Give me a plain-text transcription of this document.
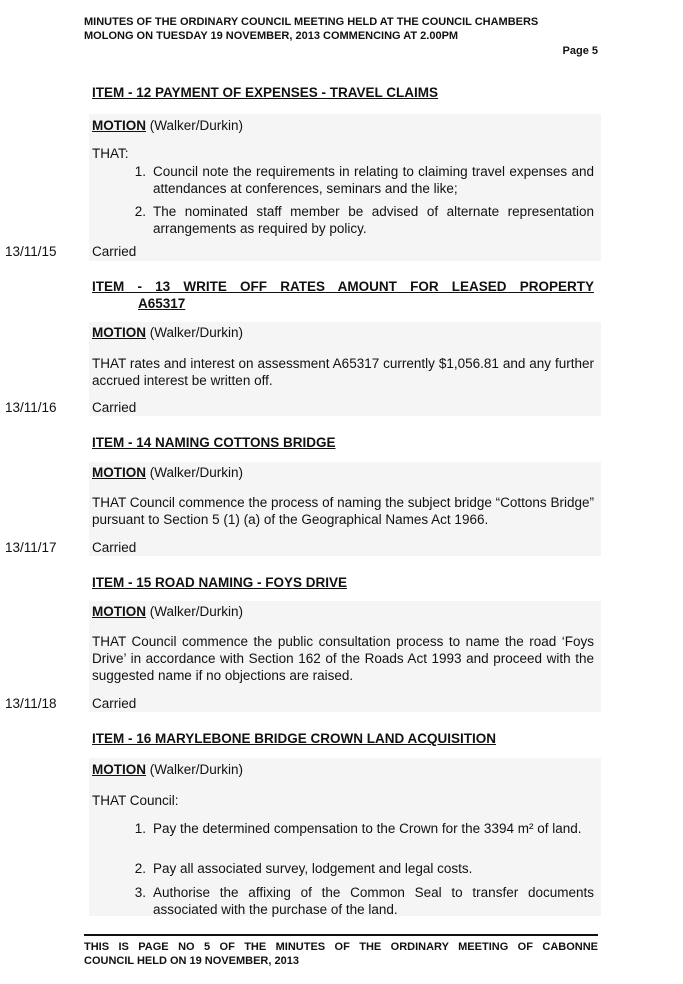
MINUTES OF THE ORDINARY COUNCIL MEETING HELD AT THE COUNCIL CHAMBERS
MOLONG ON TUESDAY 19 NOVEMBER, 2013 COMMENCING AT 2.00PM
Page 5
ITEM - 12 PAYMENT OF EXPENSES - TRAVEL CLAIMS
MOTION (Walker/Durkin)
THAT:
1. Council note the requirements in relating to claiming travel expenses and attendances at conferences, seminars and the like;
2. The nominated staff member be advised of alternate representation arrangements as required by policy.
13/11/15	Carried
ITEM - 13 WRITE OFF RATES AMOUNT FOR LEASED PROPERTY
A65317
MOTION (Walker/Durkin)
THAT rates and interest on assessment A65317 currently $1,056.81 and any further accrued interest be written off.
13/11/16	Carried
ITEM - 14 NAMING COTTONS BRIDGE
MOTION (Walker/Durkin)
THAT Council commence the process of naming the subject bridge “Cottons Bridge” pursuant to Section 5 (1) (a) of the Geographical Names Act 1966.
13/11/17	Carried
ITEM - 15 ROAD NAMING - FOYS DRIVE
MOTION (Walker/Durkin)
THAT Council commence the public consultation process to name the road ‘Foys Drive’ in accordance with Section 162 of the Roads Act 1993 and proceed with the suggested name if no objections are raised.
13/11/18	Carried
ITEM - 16 MARYLEBONE BRIDGE CROWN LAND ACQUISITION
MOTION (Walker/Durkin)
THAT Council:
1. Pay the determined compensation to the Crown for the 3394 m² of land.
2. Pay all associated survey, lodgement and legal costs.
3. Authorise the affixing of the Common Seal to transfer documents associated with the purchase of the land.
THIS IS PAGE NO 5 OF THE MINUTES OF THE ORDINARY MEETING OF CABONNE
COUNCIL HELD ON 19 NOVEMBER, 2013
